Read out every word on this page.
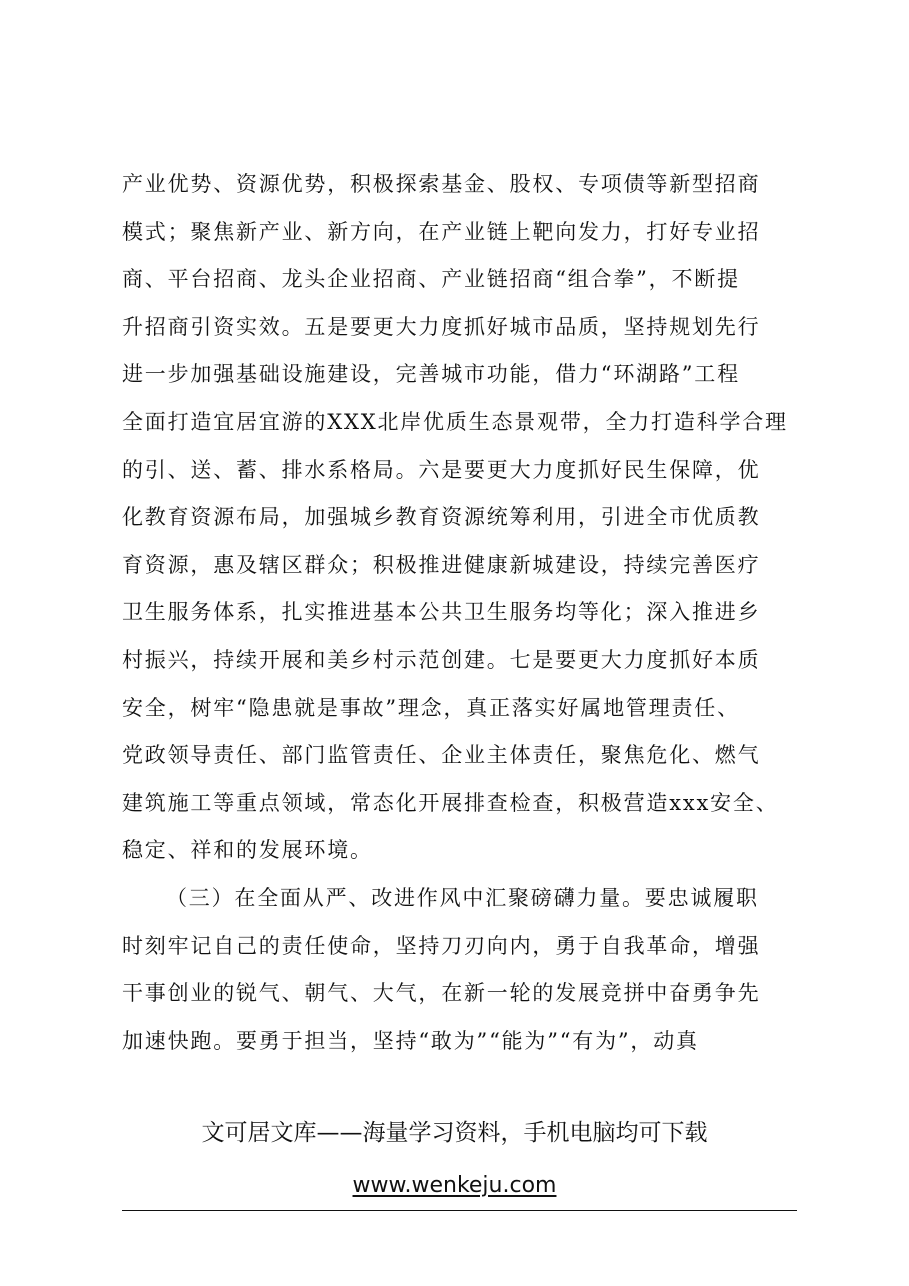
产业优势、资源优势，积极探索基金、股权、专项债等新型招商
模式；聚焦新产业、新方向，在产业链上靶向发力，打好专业招
商、平台招商、龙头企业招商、产业链招商“组合拳”，不断提
升招商引资实效。五是要更大力度抓好城市品质，坚持规划先行
进一步加强基础设施建设，完善城市功能，借力“环湖路”工程
全面打造宜居宜游的XXX北岸优质生态景观带，全力打造科学合理
的引、送、蓄、排水系格局。六是要更大力度抓好民生保障，优
化教育资源布局，加强城乡教育资源统筹利用，引进全市优质教
育资源，惠及辖区群众；积极推进健康新城建设，持续完善医疗
卫生服务体系，扎实推进基本公共卫生服务均等化；深入推进乡
村振兴，持续开展和美乡村示范创建。七是要更大力度抓好本质
安全，树牢“隐患就是事故”理念，真正落实好属地管理责任、
党政领导责任、部门监管责任、企业主体责任，聚焦危化、燃气
建筑施工等重点领域，常态化开展排查检查，积极营造xxx安全、
稳定、祥和的发展环境。
（三）在全面从严、改进作风中汇聚磅礴力量。要忠诚履职
时刻牢记自己的责任使命，坚持刀刃向内，勇于自我革命，增强
干事创业的锐气、朝气、大气，在新一轮的发展竞拼中奋勇争先
加速快跑。要勇于担当，坚持“敢为”“能为”“有为”，动真
文可居文库——海量学习资料，手机电脑均可下载
www.wenkeju.com
